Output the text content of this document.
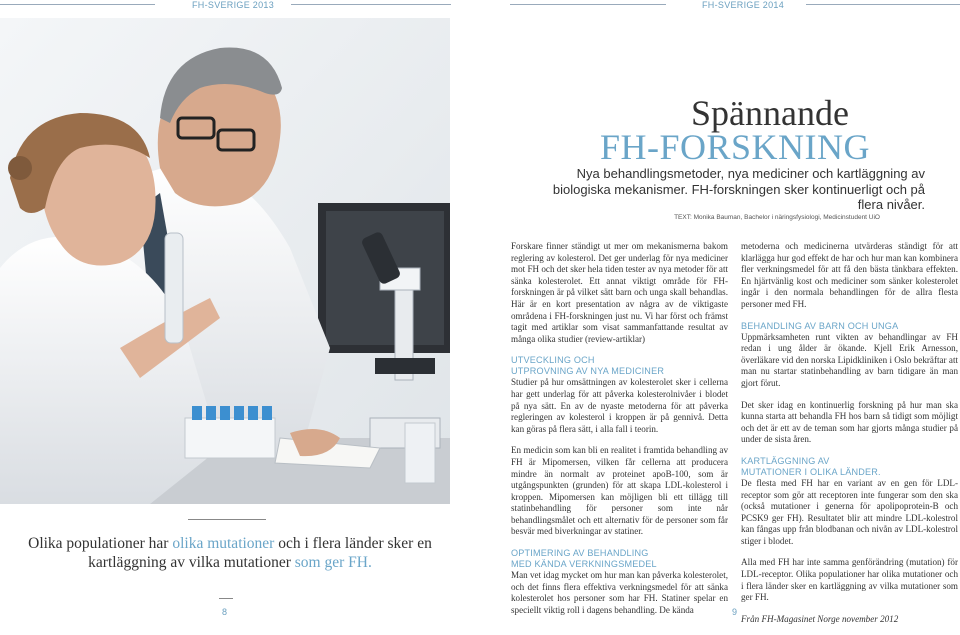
FH-SVERIGE 2013	FH-SVERIGE 2014
Olika populationer har olika mutationer och i flera länder sker en kartläggning av vilka mutationer som ger FH.
8
Spännande
FH-FORSKNING
Nya behandlingsmetoder, nya mediciner och kartläggning av biologiska mekanismer. FH-forskningen sker kontinuerligt och på flera nivåer.
TEXT: Monika Bauman, Bachelor i näringsfysiologi, Medicinstudent UiO

Forskare finner ständigt ut mer om mekanismerna bakom reglering av kolesterol. Det ger underlag för nya mediciner mot FH och det sker hela tiden tester av nya metoder för att sänka kolesterolet. Ett annat viktigt område för FH-forskningen är på vilket sätt barn och unga skall behandlas. Här är en kort presentation av några av de viktigaste områdena i FH-forskningen just nu. Vi har först och främst tagit med artiklar som visat sammanfattande resultat av många olika studier (review-artiklar)

UTVECKLING OCH
UTPROVNING AV NYA MEDICINER

Studier på hur omsättningen av kolesterolet sker i cellerna har gett underlag för att påverka kolesterolnivåer i blodet på nya sätt. En av de nyaste metoderna för att påverka regleringen av kolesterol i kroppen är på gennivå. Detta kan göras på flera sätt, i alla fall i teorin.

En medicin som kan bli en realitet i framtida behandling av FH är Mipomersen, vilken får cellerna att producera mindre än normalt av proteinet apoB-100, som är utgångspunkten (grunden) för att skapa LDL-kolesterol i kroppen. Mipomersen kan möjligen bli ett tillägg till statinbehandling för personer som inte når behandlingsmålet och ett alternativ för de personer som får besvär med biverkningar av statiner.

OPTIMERING AV BEHANDLING
MED KÄNDA VERKNINGSMEDEL

Man vet idag mycket om hur man kan påverka kolesterolet, och det finns flera effektiva verkningsmedel för att sänka kolesterolet hos personer som har FH. Statiner spelar en speciellt viktig roll i dagens behandling. De kända

metoderna och medicinerna utvärderas ständigt för att klarlägga hur god effekt de har och hur man kan kombinera fler verkningsmedel för att få den bästa tänkbara effekten. En hjärtvänlig kost och mediciner som sänker kolesterolet ingår i den normala behandlingen för de allra flesta personer med FH.

BEHANDLING AV BARN OCH UNGA

Uppmärksamheten runt vikten av behandlingar av FH redan i ung ålder är ökande. Kjell Erik Arnesson, överläkare vid den norska Lipidkliniken i Oslo bekräftar att man nu startar statinbehandling av barn tidigare än man gjort förut.

Det sker idag en kontinuerlig forskning på hur man ska kunna starta att behandla FH hos barn så tidigt som möjligt och det är ett av de teman som har gjorts många studier på under de sista åren.

KARTLÄGGNING AV
MUTATIONER I OLIKA LÄNDER.

De flesta med FH har en variant av en gen för LDL-receptor som gör att receptoren inte fungerar som den ska (också mutationer i generna för apolipoprotein-B och PCSK9 ger FH). Resultatet blir att mindre LDL-kolestrol kan fångas upp från blodbanan och nivån av LDL-kolestrol stiger i blodet.

Alla med FH har inte samma genförändring (mutation) för LDL-receptor. Olika populationer har olika mutationer och i flera länder sker en kartläggning av vilka mutationer som ger FH.

Från FH-Magasinet Norge november 2012

9
